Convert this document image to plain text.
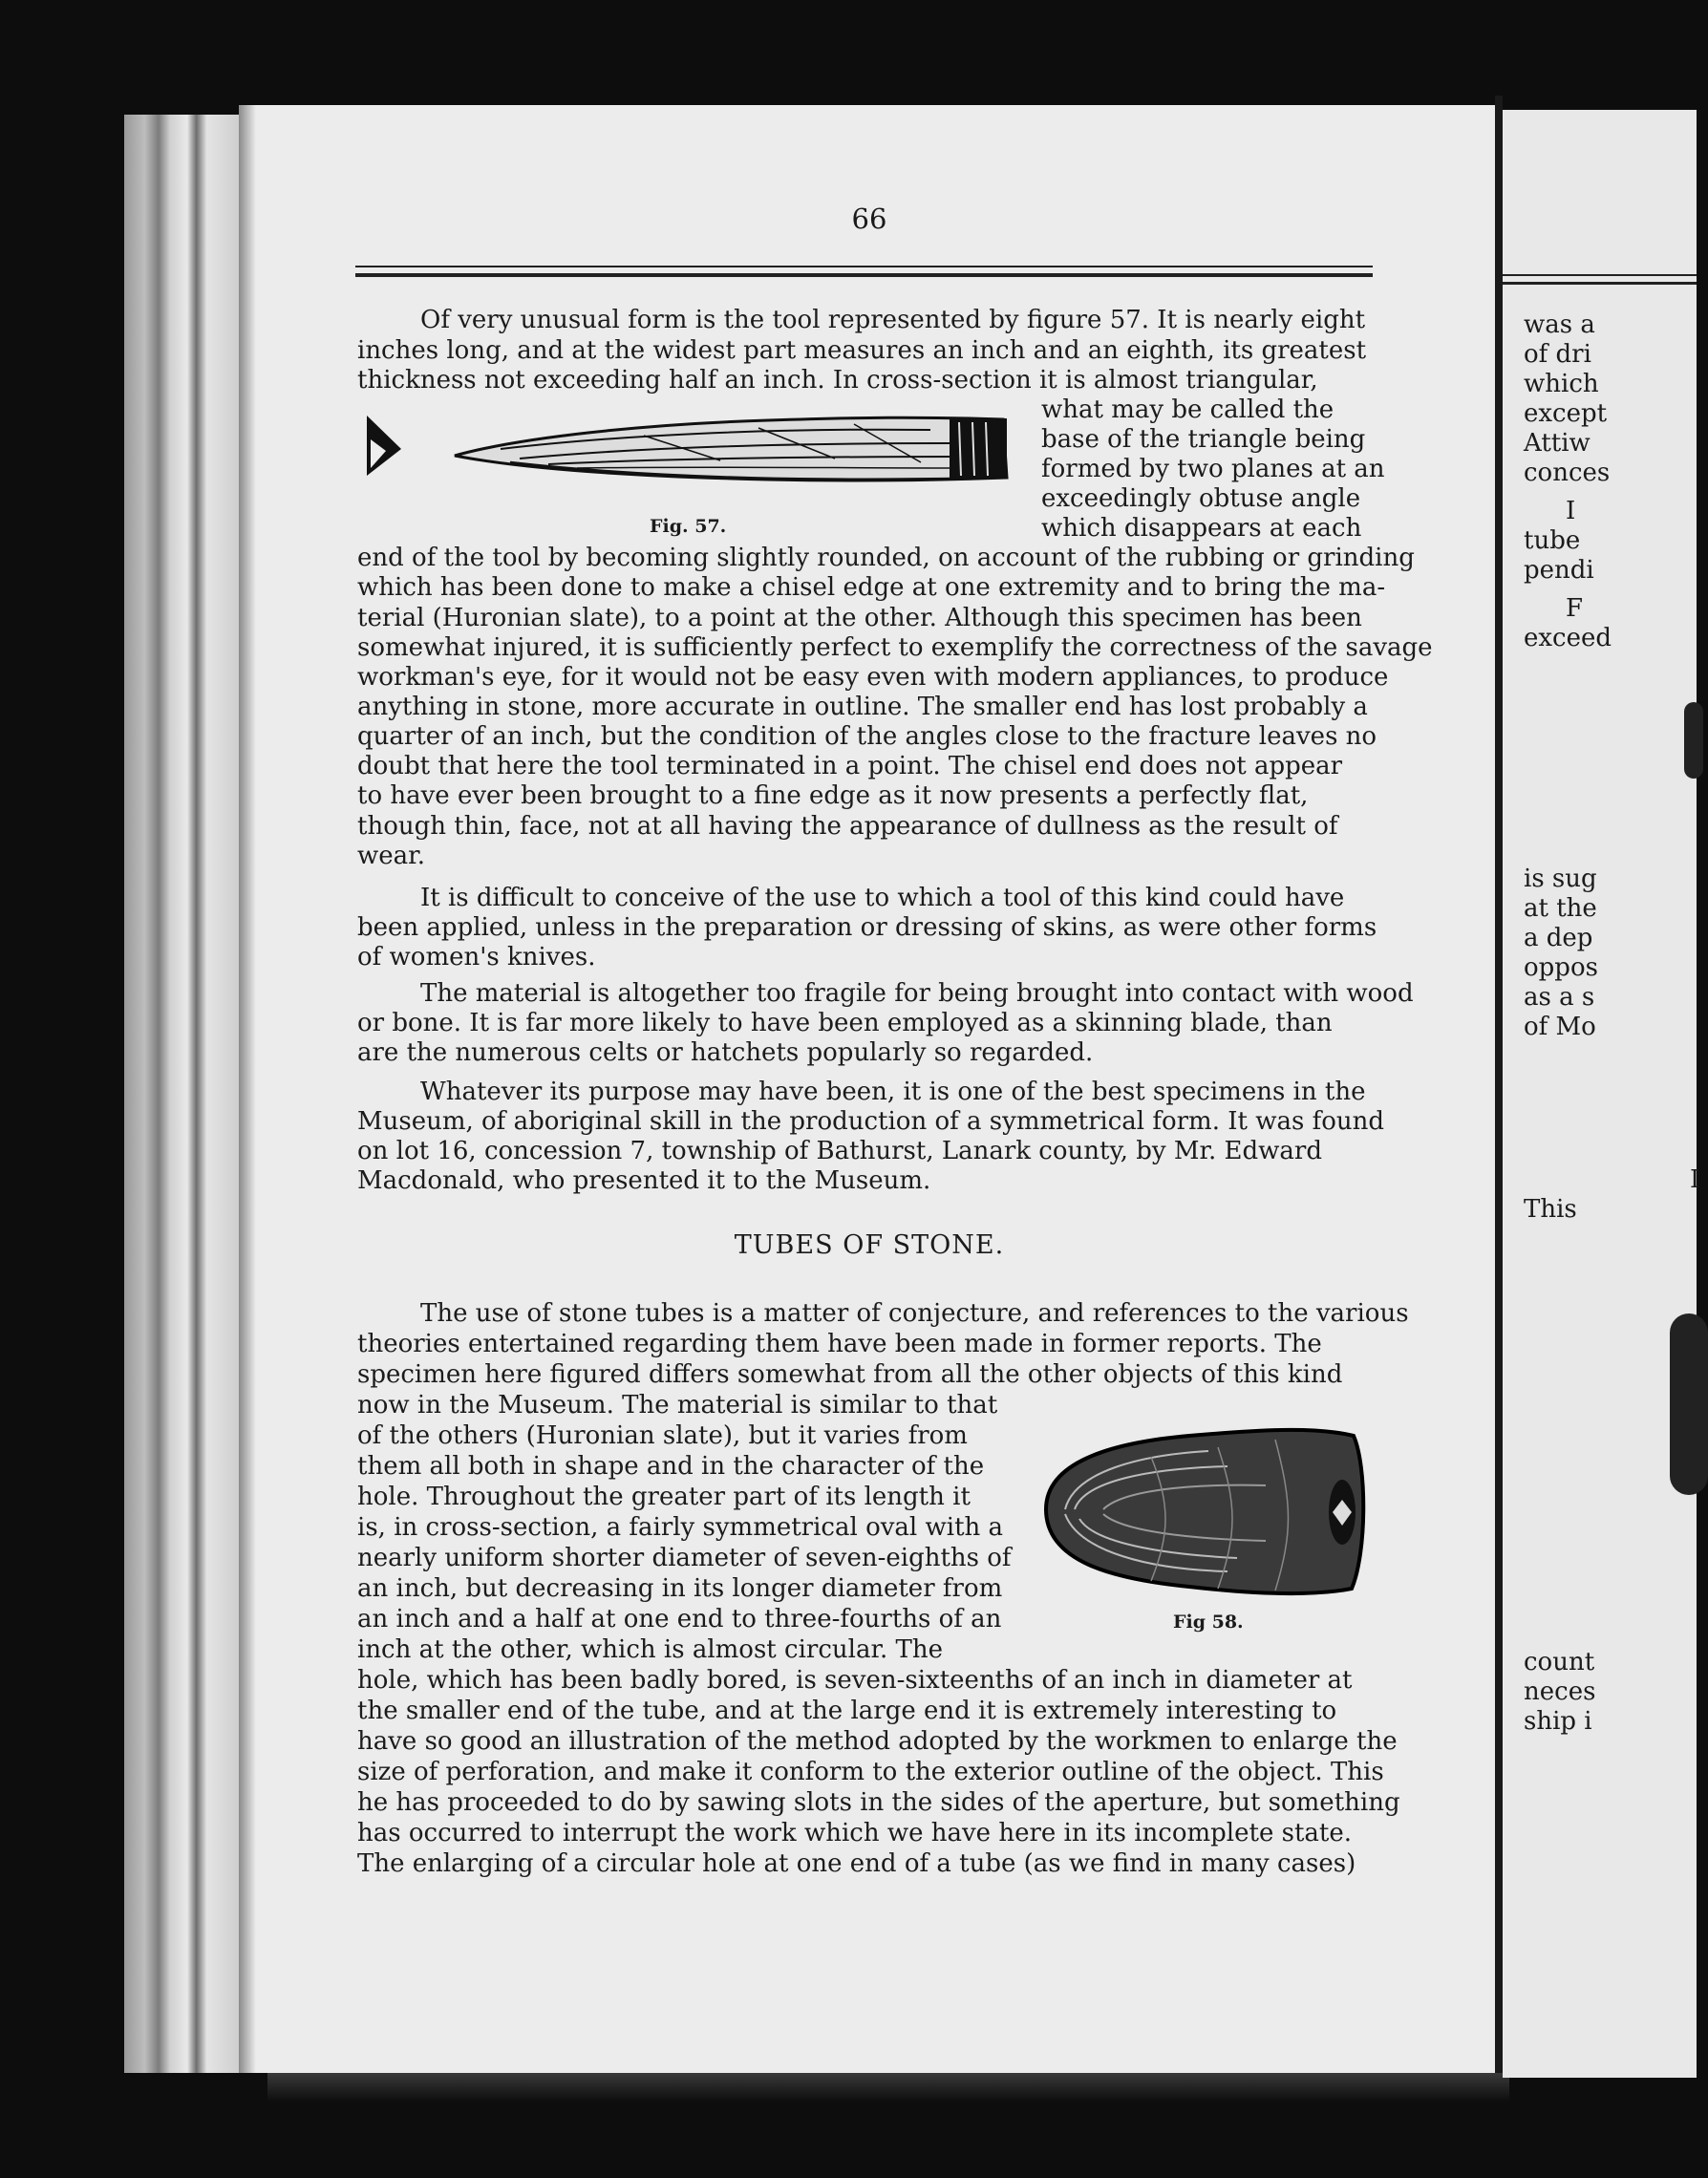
66
Of very unusual form is the tool represented by figure 57. It is nearly eight
inches long, and at the widest part measures an inch and an eighth, its greatest
thickness not exceeding half an inch. In cross-section it is almost triangular,
what may be called the
base of the triangle being
formed by two planes at an
exceedingly obtuse angle
which disappears at each
end of the tool by becoming slightly rounded, on account of the rubbing or grinding
which has been done to make a chisel edge at one extremity and to bring the ma-
terial (Huronian slate), to a point at the other. Although this specimen has been
somewhat injured, it is sufficiently perfect to exemplify the correctness of the savage
workman's eye, for it would not be easy even with modern appliances, to produce
anything in stone, more accurate in outline. The smaller end has lost probably a
quarter of an inch, but the condition of the angles close to the fracture leaves no
doubt that here the tool terminated in a point. The chisel end does not appear
to have ever been brought to a fine edge as it now presents a perfectly flat,
though thin, face, not at all having the appearance of dullness as the result of
wear.
Fig. 57.
It is difficult to conceive of the use to which a tool of this kind could have
been applied, unless in the preparation or dressing of skins, as were other forms
of women's knives.
The material is altogether too fragile for being brought into contact with wood
or bone. It is far more likely to have been employed as a skinning blade, than
are the numerous celts or hatchets popularly so regarded.
Whatever its purpose may have been, it is one of the best specimens in the
Museum, of aboriginal skill in the production of a symmetrical form. It was found
on lot 16, concession 7, township of Bathurst, Lanark county, by Mr. Edward
Macdonald, who presented it to the Museum.
TUBES OF STONE.
The use of stone tubes is a matter of conjecture, and references to the various
theories entertained regarding them have been made in former reports. The
specimen here figured differs somewhat from all the other objects of this kind
now in the Museum. The material is similar to that
of the others (Huronian slate), but it varies from
them all both in shape and in the character of the
hole. Throughout the greater part of its length it
is, in cross-section, a fairly symmetrical oval with a
nearly uniform shorter diameter of seven-eighths of
an inch, but decreasing in its longer diameter from
an inch and a half at one end to three-fourths of an
inch at the other, which is almost circular. The
hole, which has been badly bored, is seven-sixteenths of an inch in diameter at
the smaller end of the tube, and at the large end it is extremely interesting to
have so good an illustration of the method adopted by the workmen to enlarge the
size of perforation, and make it conform to the exterior outline of the object. This
he has proceeded to do by sawing slots in the sides of the aperture, but something
has occurred to interrupt the work which we have here in its incomplete state.
The enlarging of a circular hole at one end of a tube (as we find in many cases)
Fig 58.
was a
of dri
which
except
Attiw
conces
I
tube
pendi
F
exceed
is sug
at the
a dep
oppos
as a s
of Mo
I
This
count
neces
ship i
